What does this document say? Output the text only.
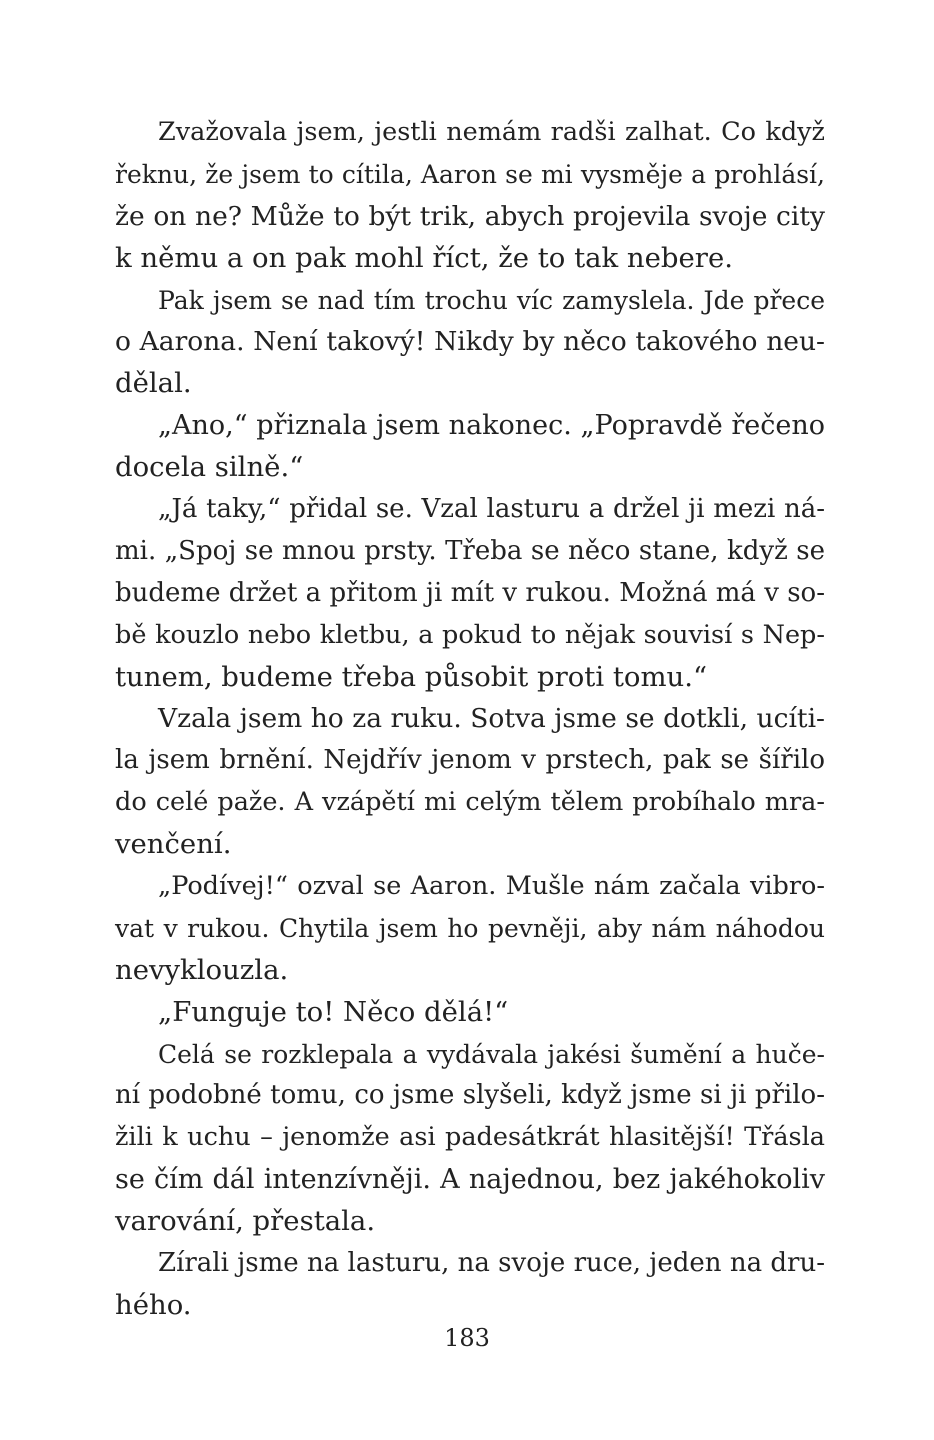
Zvažovala jsem, jestli nemám radši zalhat. Co když
řeknu, že jsem to cítila, Aaron se mi vysměje a prohlásí,
že on ne? Může to být trik, abych projevila svoje city
k němu a on pak mohl říct, že to tak nebere.
Pak jsem se nad tím trochu víc zamyslela. Jde přece
o Aarona. Není takový! Nikdy by něco takového neu-
dělal.
„Ano,“ přiznala jsem nakonec. „Popravdě řečeno
docela silně.“
„Já taky,“ přidal se. Vzal lasturu a držel ji mezi ná-
mi. „Spoj se mnou prsty. Třeba se něco stane, když se
budeme držet a přitom ji mít v rukou. Možná má v so-
bě kouzlo nebo kletbu, a pokud to nějak souvisí s Nep-
tunem, budeme třeba působit proti tomu.“
Vzala jsem ho za ruku. Sotva jsme se dotkli, ucíti-
la jsem brnění. Nejdřív jenom v prstech, pak se šířilo
do celé paže. A vzápětí mi celým tělem probíhalo mra-
venčení.
„Podívej!“ ozval se Aaron. Mušle nám začala vibro-
vat v rukou. Chytila jsem ho pevněji, aby nám náhodou
nevyklouzla.
„Funguje to! Něco dělá!“
Celá se rozklepala a vydávala jakési šumění a huče-
ní podobné tomu, co jsme slyšeli, když jsme si ji přilo-
žili k uchu – jenomže asi padesátkrát hlasitější! Třásla
se čím dál intenzívněji. A najednou, bez jakéhokoliv
varování, přestala.
Zírali jsme na lasturu, na svoje ruce, jeden na dru-
hého.
183
